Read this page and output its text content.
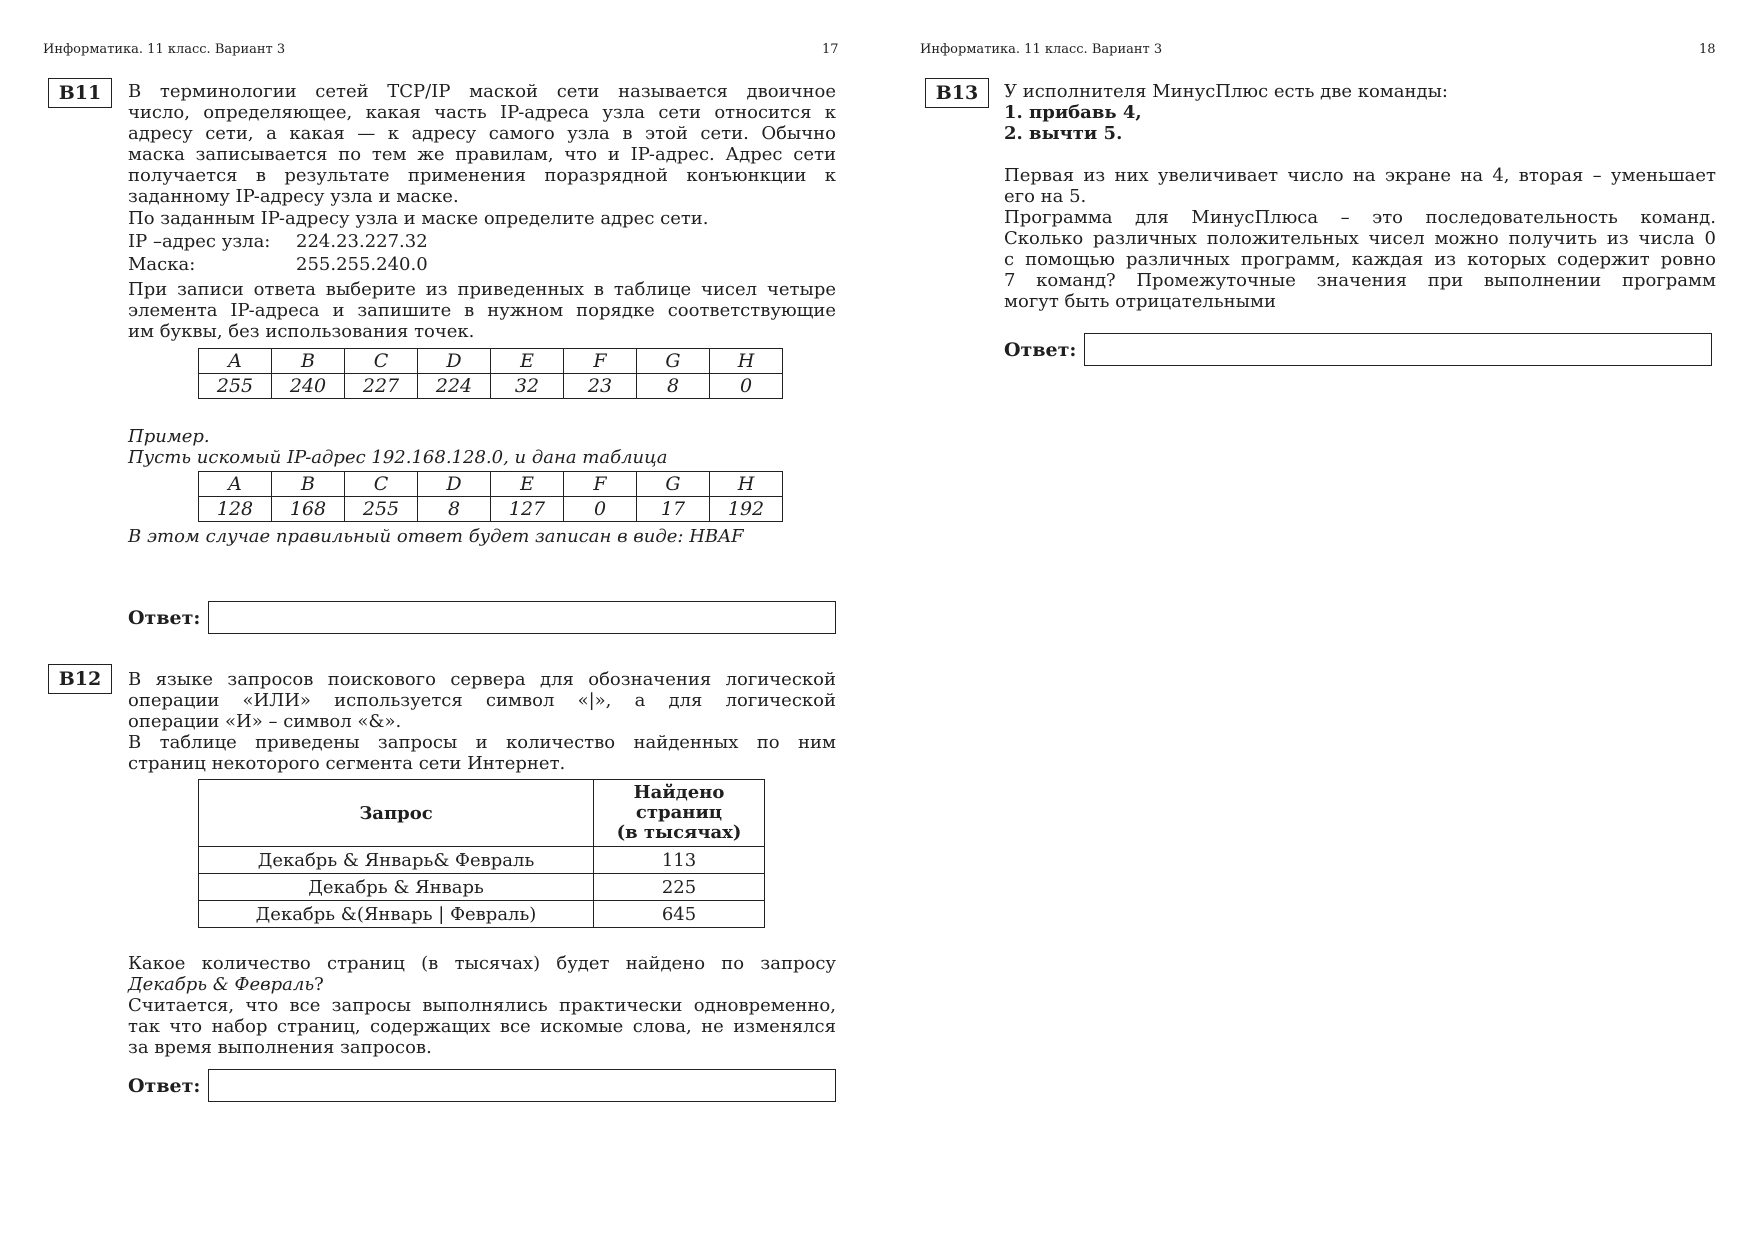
Информатика. 11 класс. Вариант 3	17
В11	В терминологии сетей TCP/IP маской сети называется двоичное

число, определяющее, какая часть IP-адреса узла сети относится к

адресу сети, а какая — к адресу самого узла в этой сети. Обычно

маска записывается по тем же правилам, что и IP-адрес. Адрес сети

получается в результате применения поразрядной конъюнкции к

заданному IP-адресу узла и маске.

По заданным IP-адресу узла и маске определите адрес сети.

IP –адрес узла:	224.23.227.32
Маска:	255.255.240.0

При записи ответа выберите из приведенных в таблице чисел четыре

элемента IP-адреса и запишите в нужном порядке соответствующие

им буквы, без использования точек.

A	B	C	D	E	F	G	H
255	240	227	224	32	23	8	0

Пример.

Пусть искомый IP-адрес 192.168.128.0, и дана таблица

A	B	C	D	E	F	G	H
128	168	255	8	127	0	17	192

В этом случае правильный ответ будет записан в виде: HBAF

Ответ:
В12	В языке запросов поискового сервера для обозначения логической

операции «ИЛИ» используется символ «|», а для логической

операции «И» – символ «&».

В таблице приведены запросы и количество найденных по ним

страниц некоторого сегмента сети Интернет.

Запрос	Найдено
страниц
(в тысячах)

Декабрь & Январь& Февраль	113
Декабрь & Январь	225
Декабрь &(Январь | Февраль)	645

Какое количество страниц (в тысячах) будет найдено по запросу

Декабрь & Февраль?

Считается, что все запросы выполнялись практически одновременно,

так что набор страниц, содержащих все искомые слова, не изменялся

за время выполнения запросов.

Ответ:
Информатика. 11 класс. Вариант 3	18
В13	У исполнителя МинусПлюс есть две команды:

1. прибавь 4,

2. вычти 5.

Первая из них увеличивает число на экране на 4, вторая – уменьшает

его на 5.

Программа для МинусПлюса – это последовательность команд.

Сколько различных положительных чисел можно получить из числа 0

с помощью различных программ, каждая из которых содержит ровно

7 команд? Промежуточные значения при выполнении программ

могут быть отрицательными

Ответ:
